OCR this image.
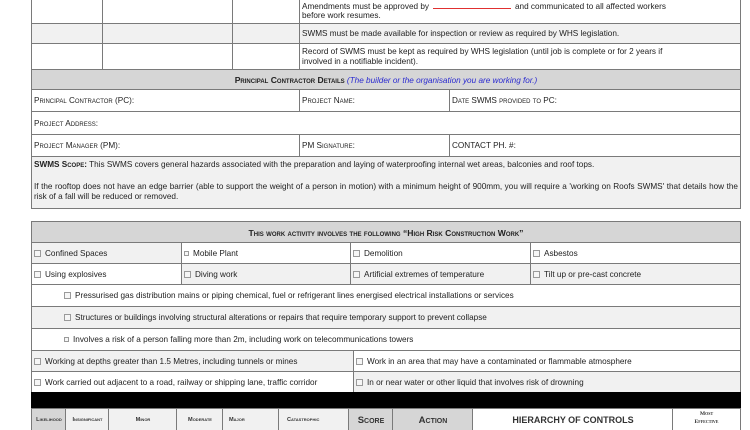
Amendments must be approved by	and communicated to all affected workers
before work resumes.
SWMS must be made available for inspection or review as required by WHS legislation.
Record of SWMS must be kept as required by WHS legislation (until job is complete or for 2 years if
involved in a notifiable incident).
Principal Contractor Details (The builder or the organisation you are working for.)
Principal Contractor (PC):	Project Name:	Date SWMS provided to PC:
Project Address:
Project Manager (PM):	PM Signature:	CONTACT PH. #:
SWMS Scope: This SWMS covers general hazards associated with the preparation and laying of waterproofing internal wet areas, balconies and roof tops.
If the rooftop does not have an edge barrier (able to support the weight of a person in motion) with a minimum height of 900mm, you will require a 'working on Roofs SWMS' that details how the risk of a fall will be reduced or removed.
This work activity involves the following “High Risk Construction Work”
Confined Spaces	Mobile Plant	Demolition	Asbestos
Using explosives	Diving work	Artificial extremes of temperature	Tilt up or pre-cast concrete
Pressurised gas distribution mains or piping chemical, fuel or refrigerant lines energised electrical installations or services
Structures or buildings involving structural alterations or repairs that require temporary support to prevent collapse
Involves a risk of a person falling more than 2m, including work on telecommunications towers
Working at depths greater than 1.5 Metres, including tunnels or mines	Work in an area that may have a contaminated or flammable atmosphere
Work carried out adjacent to a road, railway or shipping lane, traffic corridor	In or near water or other liquid that involves risk of drowning
Likelihood	Insignificant	Minor	Moderate	Major	Catastrophic	Score	Action	HIERARCHY OF CONTROLS
Most
Effective
